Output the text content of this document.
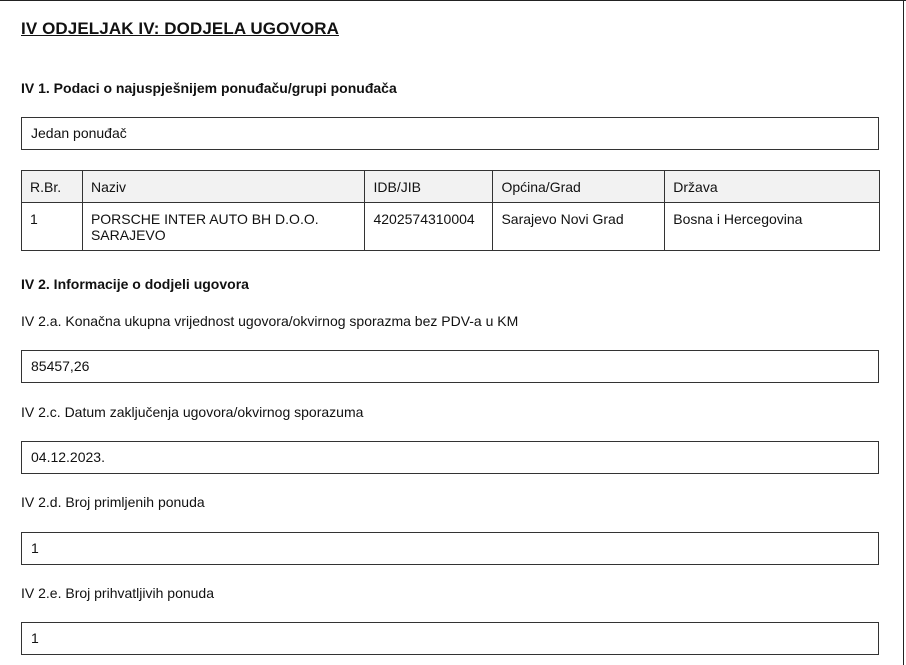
IV ODJELJAK IV: DODJELA UGOVORA
IV 1. Podaci o najuspješnijem ponuđaču/grupi ponuđača
Jedan ponuđač
R.Br.	Naziv	IDB/JIB	Općina/Grad	Država
1	PORSCHE INTER AUTO BH D.O.O. SARAJEVO	4202574310004	Sarajevo Novi Grad	Bosna i Hercegovina
IV 2. Informacije o dodjeli ugovora
IV 2.a. Konačna ukupna vrijednost ugovora/okvirnog sporazma bez PDV-a u KM
85457,26
IV 2.c. Datum zaključenja ugovora/okvirnog sporazuma
04.12.2023.
IV 2.d. Broj primljenih ponuda
1
IV 2.e. Broj prihvatljivih ponuda
1
